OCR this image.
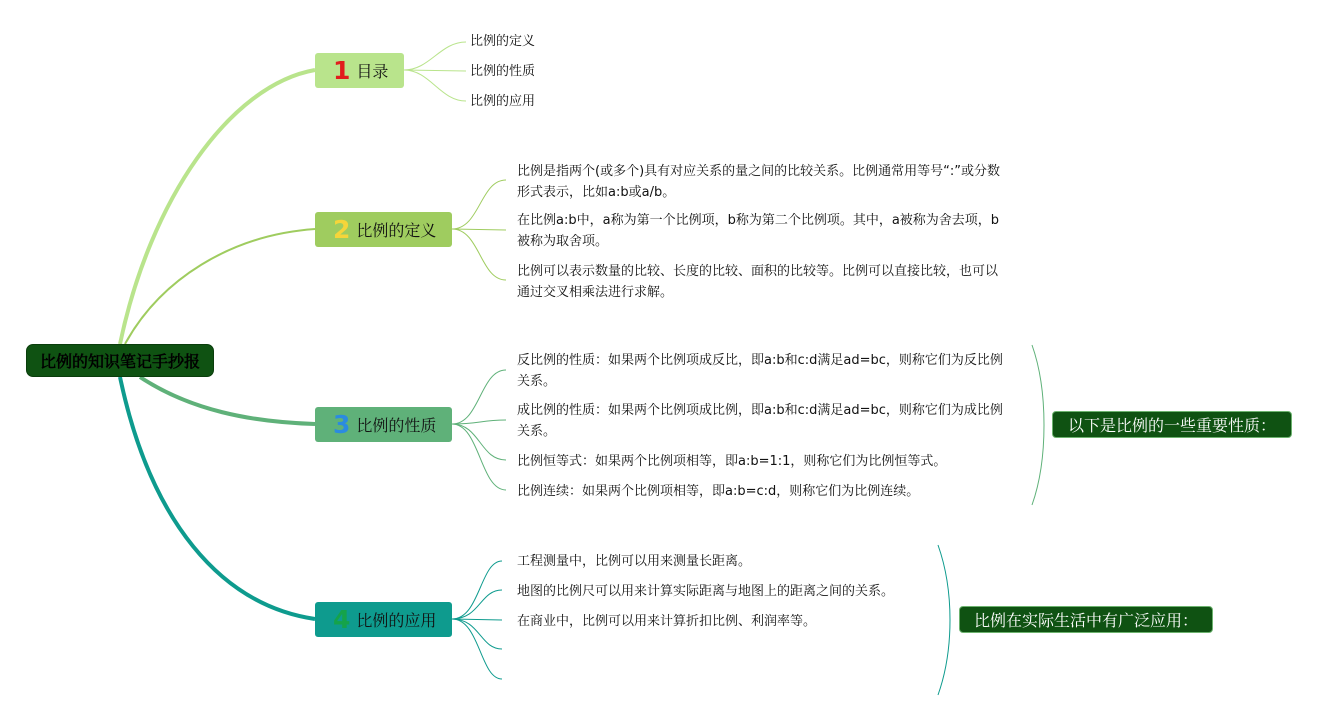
比例的知识笔记手抄报
1 目录
比例的定义
比例的性质
比例的应用
2 比例的定义
比例是指两个(或多个)具有对应关系的量之间的比较关系。比例通常用等号“:”或分数形式表示，比如a:b或a/b。
在比例a:b中，a称为第一个比例项，b称为第二个比例项。其中，a被称为舍去项，b被称为取舍项。
比例可以表示数量的比较、长度的比较、面积的比较等。比例可以直接比较，也可以通过交叉相乘法进行求解。
3 比例的性质
反比例的性质：如果两个比例项成反比，即a:b和c:d满足ad=bc，则称它们为反比例关系。
成比例的性质：如果两个比例项成比例，即a:b和c:d满足ad=bc，则称它们为成比例关系。
比例恒等式：如果两个比例项相等，即a:b=1:1，则称它们为比例恒等式。
比例连续：如果两个比例项相等，即a:b=c:d，则称它们为比例连续。
以下是比例的一些重要性质：
4 比例的应用
工程测量中，比例可以用来测量长距离。
地图的比例尺可以用来计算实际距离与地图上的距离之间的关系。
在商业中，比例可以用来计算折扣比例、利润率等。	比例在实际生活中有广泛应用：
